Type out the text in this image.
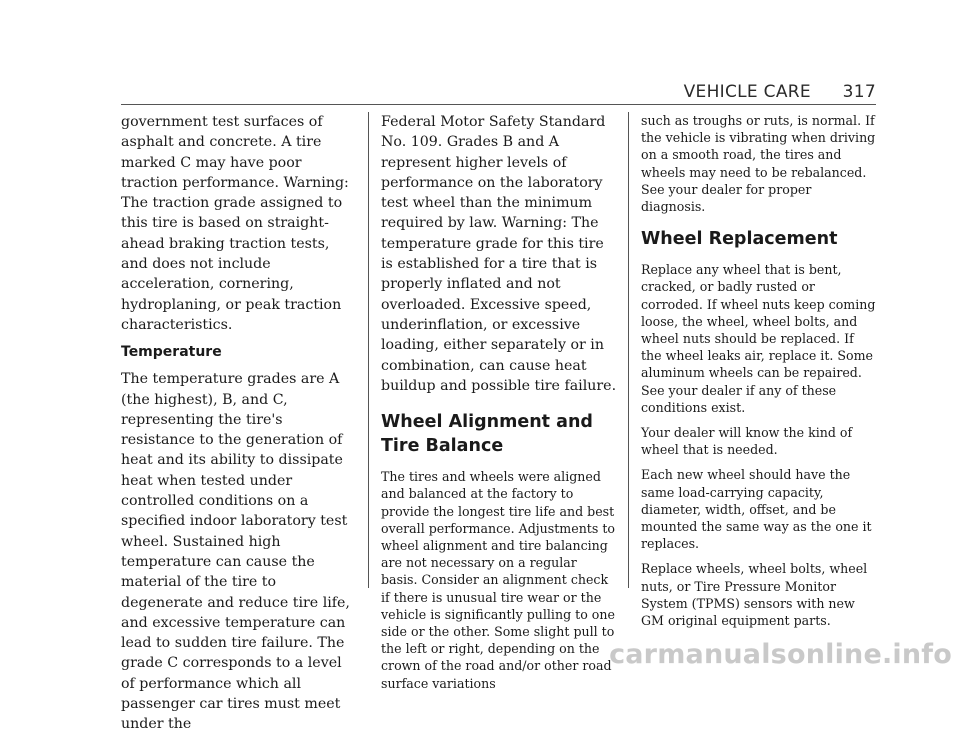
VEHICLE CARE 317

government test surfaces of asphalt and concrete. A tire marked C may have poor traction performance. Warning: The traction grade assigned to this tire is based on straight-ahead braking traction tests, and does not include acceleration, cornering, hydroplaning, or peak traction characteristics.

Temperature

The temperature grades are A (the highest), B, and C, representing the tire's resistance to the generation of heat and its ability to dissipate heat when tested under controlled conditions on a specified indoor laboratory test wheel. Sustained high temperature can cause the material of the tire to degenerate and reduce tire life, and excessive temperature can lead to sudden tire failure. The grade C corresponds to a level of performance which all passenger car tires must meet under the

Federal Motor Safety Standard No. 109. Grades B and A represent higher levels of performance on the laboratory test wheel than the minimum required by law. Warning: The temperature grade for this tire is established for a tire that is properly inflated and not overloaded. Excessive speed, underinflation, or excessive loading, either separately or in combination, can cause heat buildup and possible tire failure.

Wheel Alignment and Tire Balance

The tires and wheels were aligned and balanced at the factory to provide the longest tire life and best overall performance. Adjustments to wheel alignment and tire balancing are not necessary on a regular basis. Consider an alignment check if there is unusual tire wear or the vehicle is significantly pulling to one side or the other. Some slight pull to the left or right, depending on the crown of the road and/or other road surface variations

such as troughs or ruts, is normal. If the vehicle is vibrating when driving on a smooth road, the tires and wheels may need to be rebalanced. See your dealer for proper diagnosis.

Wheel Replacement

Replace any wheel that is bent, cracked, or badly rusted or corroded. If wheel nuts keep coming loose, the wheel, wheel bolts, and wheel nuts should be replaced. If the wheel leaks air, replace it. Some aluminum wheels can be repaired. See your dealer if any of these conditions exist.

Your dealer will know the kind of wheel that is needed.

Each new wheel should have the same load-carrying capacity, diameter, width, offset, and be mounted the same way as the one it replaces.

Replace wheels, wheel bolts, wheel nuts, or Tire Pressure Monitor System (TPMS) sensors with new GM original equipment parts.

carmanualsonline.info
